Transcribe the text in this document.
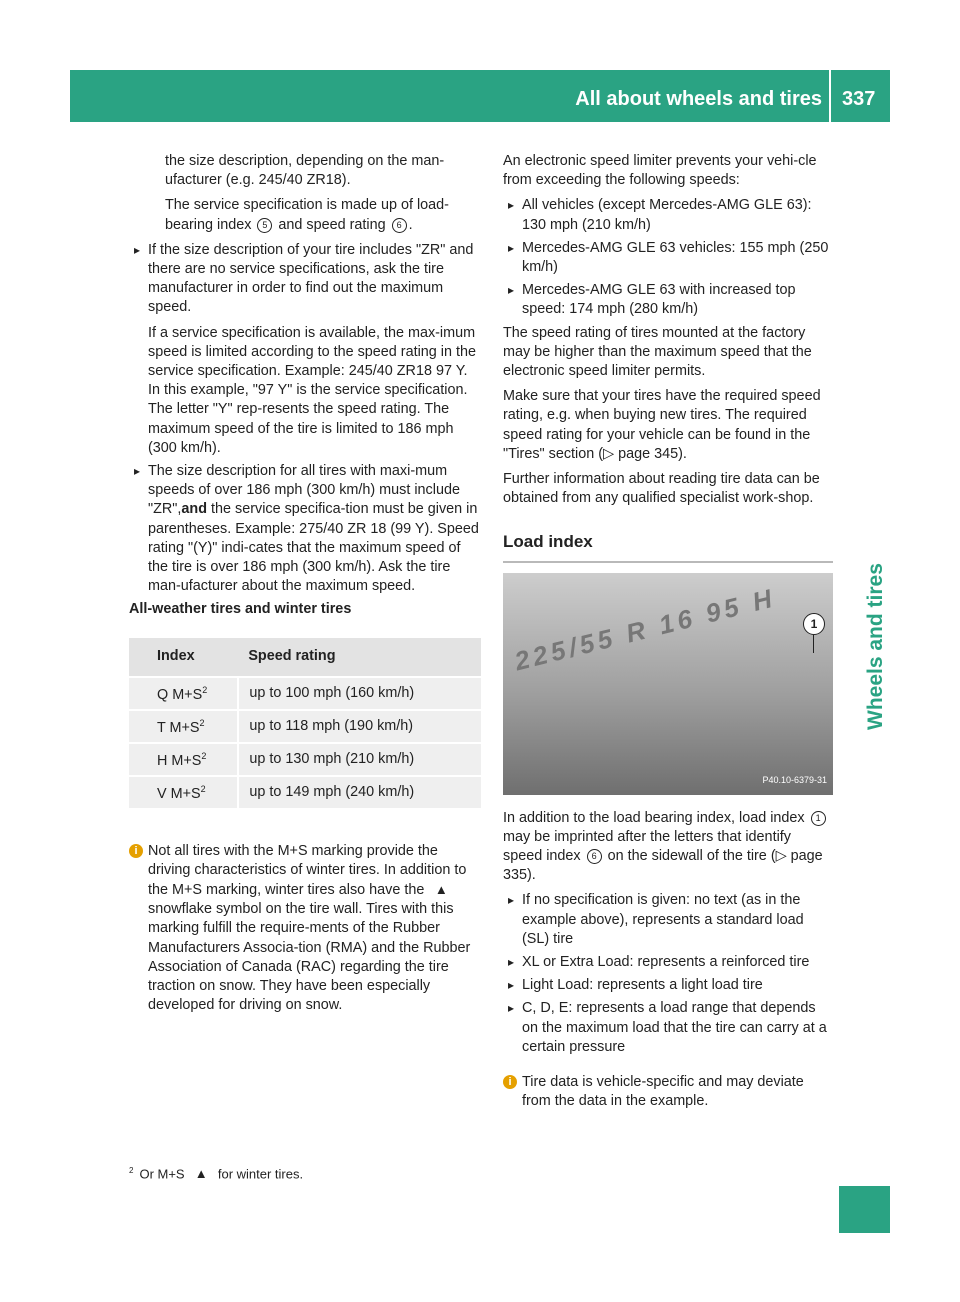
All about wheels and tires 337
Wheels and tires

the size description, depending on the man-ufacturer (e.g. 245/40 ZR18).

The service specification is made up of load-bearing index 5 and speed rating 6 .

▸ If the size description of your tire includes "ZR" and there are no service specifications, ask the tire manufacturer in order to find out the maximum speed.
If a service specification is available, the max-imum speed is limited according to the speed rating in the service specification. Example: 245/40 ZR18 97 Y. In this example, "97 Y" is the service specification. The letter "Y" rep-resents the speed rating. The maximum speed of the tire is limited to 186 mph (300 km/h).
▸ The size description for all tires with maxi-mum speeds of over 186 mph (300 km/h) must include "ZR",and the service specifica-tion must be given in parentheses. Example: 275/40 ZR 18 (99 Y). Speed rating "(Y)" indi-cates that the maximum speed of the tire is over 186 mph (300 km/h). Ask the tire man-ufacturer about the maximum speed.
All-weather tires and winter tires
Index	Speed rating
Q $M+S^2$	up to 100 mph (160 km/h)
T $M+S^2$	up to 118 mph (190 km/h)
H $M+S^2$	up to 130 mph (210 km/h)
V $M+S^2$	up to 149 mph (240 km/h)
i Not all tires with the M+S marking provide the driving characteristics of winter tires. In addition to the M+S marking, winter tires also have the ▲ snowflake symbol on the tire wall. Tires with this marking fulfill the require-ments of the Rubber Manufacturers Associa-tion (RMA) and the Rubber Association of Canada (RAC) regarding the tire traction on snow. They have been especially developed for driving on snow.

An electronic speed limiter prevents your vehi-cle from exceeding the following speeds:

▸ All vehicles (except Mercedes-AMG GLE 63): 130 mph (210 km/h)
▸ Mercedes-AMG GLE 63 vehicles: 155 mph (250 km/h)
▸ Mercedes-AMG GLE 63 with increased top speed: 174 mph (280 km/h)

The speed rating of tires mounted at the factory may be higher than the maximum speed that the electronic speed limiter permits.

Make sure that your tires have the required speed rating, e.g. when buying new tires. The required speed rating for your vehicle can be found in the "Tires" section (▷ page 345).

Further information about reading tire data can be obtained from any qualified specialist work-shop.

Load index
225/55 R 16 95 H	1
P40.10-6379-31

In addition to the load bearing index, load index 1 may be imprinted after the letters that identify speed index 6 on the sidewall of the tire (▷ page 335).

▸ If no specification is given: no text (as in the example above), represents a standard load (SL) tire
▸ XL or Extra Load: represents a reinforced tire
▸ Light Load: represents a light load tire
▸ C, D, E: represents a load range that depends on the maximum load that the tire can carry at a certain pressure
i Tire data is vehicle-specific and may deviate from the data in the example.
$^2$ Or M+S ▲ for winter tires.
